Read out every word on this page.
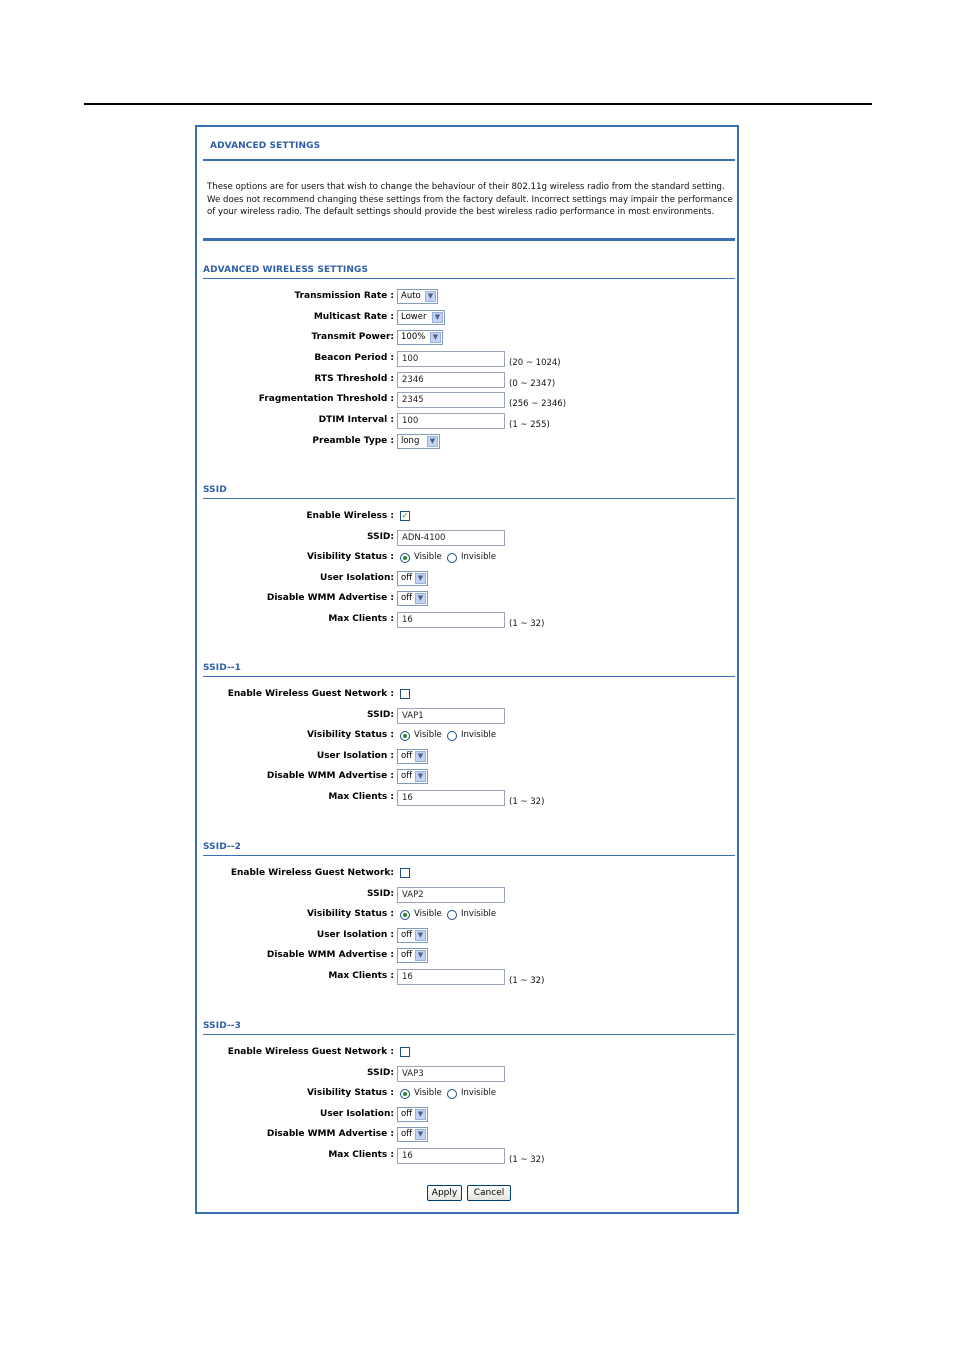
ADVANCED SETTINGS
These options are for users that wish to change the behaviour of their 802.11g wireless radio from the standard setting. We does not recommend changing these settings from the factory default. Incorrect settings may impair the performance of your wireless radio. The default settings should provide the best wireless radio performance in most environments.
ADVANCED WIRELESS SETTINGS
Transmission Rate : Auto	▼
Multicast Rate : Lower	▼
Transmit Power: 100%	▼
Beacon Period : 100	(20 ~ 1024)
RTS Threshold : 2346	(0 ~ 2347)
Fragmentation Threshold : 2345	(256 ~ 2346)
DTIM Interval : 100	(1 ~ 255)
Preamble Type : long	▼
SSID
Enable Wireless : ✓
SSID: ADN-4100
Visibility Status : Visible Invisible
User Isolation: off ▼
Disable WMM Advertise : off ▼
Max Clients : 16	(1 ~ 32)
SSID--1
Enable Wireless Guest Network :
SSID: VAP1
Visibility Status : Visible Invisible
User Isolation : off ▼
Disable WMM Advertise : off ▼
Max Clients : 16	(1 ~ 32)
SSID--2
Enable Wireless Guest Network:
SSID: VAP2
Visibility Status : Visible Invisible
User Isolation : off ▼
Disable WMM Advertise : off ▼
Max Clients : 16	(1 ~ 32)
SSID--3
Enable Wireless Guest Network :
SSID: VAP3
Visibility Status : Visible Invisible
User Isolation: off ▼
Disable WMM Advertise : off ▼
Max Clients : 16	(1 ~ 32)
Apply	Cancel
